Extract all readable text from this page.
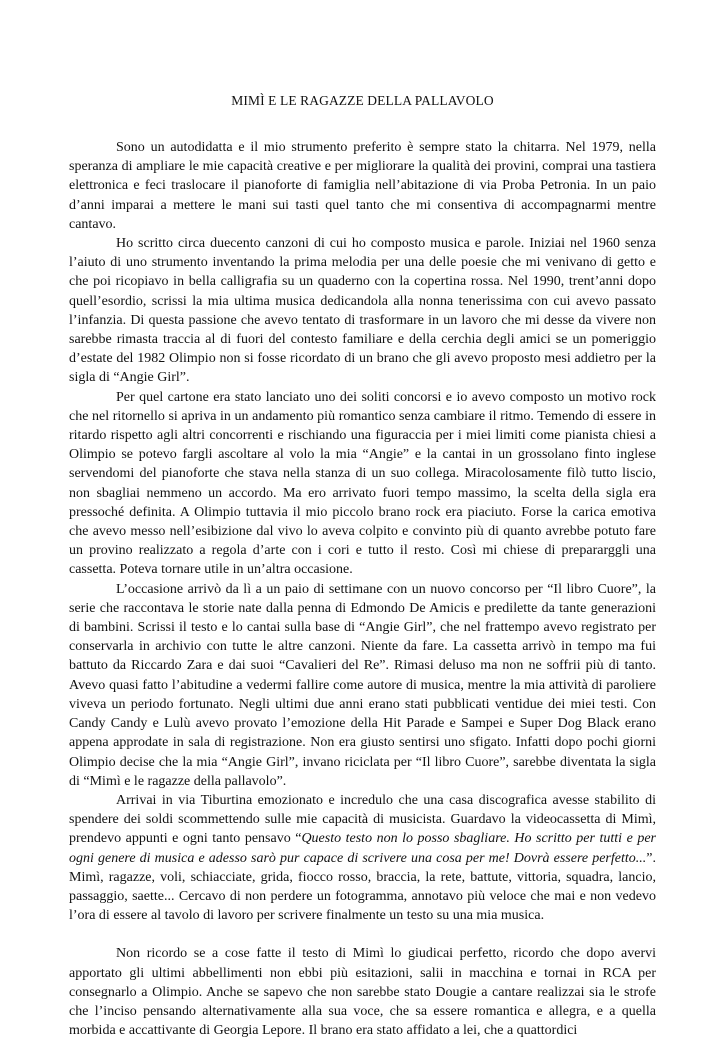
MIMÌ E LE RAGAZZE DELLA PALLAVOLO

Sono un autodidatta e il mio strumento preferito è sempre stato la chitarra. Nel 1979, nella speranza di ampliare le mie capacità creative e per migliorare la qualità dei provini, comprai una tastiera elettronica e feci traslocare il pianoforte di famiglia nell’abitazione di via Proba Petronia. In un paio d’anni imparai a mettere le mani sui tasti quel tanto che mi consentiva di accompagnarmi mentre cantavo.

Ho scritto circa duecento canzoni di cui ho composto musica e parole. Iniziai nel 1960 senza l’aiuto di uno strumento inventando la prima melodia per una delle poesie che mi venivano di getto e che poi ricopiavo in bella calligrafia su un quaderno con la copertina rossa. Nel 1990, trent’anni dopo quell’esordio, scrissi la mia ultima musica dedicandola alla nonna tenerissima con cui avevo passato l’infanzia. Di questa passione che avevo tentato di trasformare in un lavoro che mi desse da vivere non sarebbe rimasta traccia al di fuori del contesto familiare e della cerchia degli amici se un pomeriggio d’estate del 1982 Olimpio non si fosse ricordato di un brano che gli avevo proposto mesi addietro per la sigla di “Angie Girl”.

Per quel cartone era stato lanciato uno dei soliti concorsi e io avevo composto un motivo rock che nel ritornello si apriva in un andamento più romantico senza cambiare il ritmo. Temendo di essere in ritardo rispetto agli altri concorrenti e rischiando una figuraccia per i miei limiti come pianista chiesi a Olimpio se potevo fargli ascoltare al volo la mia “Angie” e la cantai in un grossolano finto inglese servendomi del pianoforte che stava nella stanza di un suo collega. Miracolosamente filò tutto liscio, non sbagliai nemmeno un accordo. Ma ero arrivato fuori tempo massimo, la scelta della sigla era pressoché definita. A Olimpio tuttavia il mio piccolo brano rock era piaciuto. Forse la carica emotiva che avevo messo nell’esibizione dal vivo lo aveva colpito e convinto più di quanto avrebbe potuto fare un provino realizzato a regola d’arte con i cori e tutto il resto. Così mi chiese di prepararggli una cassetta. Poteva tornare utile in un’altra occasione.

L’occasione arrivò da lì a un paio di settimane con un nuovo concorso per “Il libro Cuore”, la serie che raccontava le storie nate dalla penna di Edmondo De Amicis e predilette da tante generazioni di bambini. Scrissi il testo e lo cantai sulla base di “Angie Girl”, che nel frattempo avevo registrato per conservarla in archivio con tutte le altre canzoni. Niente da fare. La cassetta arrivò in tempo ma fui battuto da Riccardo Zara e dai suoi “Cavalieri del Re”. Rimasi deluso ma non ne soffrii più di tanto. Avevo quasi fatto l’abitudine a vedermi fallire come autore di musica, mentre la mia attività di paroliere viveva un periodo fortunato. Negli ultimi due anni erano stati pubblicati ventidue dei miei testi. Con Candy Candy e Lulù avevo provato l’emozione della Hit Parade e Sampei e Super Dog Black erano appena approdate in sala di registrazione. Non era giusto sentirsi uno sfigato. Infatti dopo pochi giorni Olimpio decise che la mia “Angie Girl”, invano riciclata per “Il libro Cuore”, sarebbe diventata la sigla di “Mimì e le ragazze della pallavolo”.

Arrivai in via Tiburtina emozionato e incredulo che una casa discografica avesse stabilito di spendere dei soldi scommettendo sulle mie capacità di musicista. Guardavo la videocassetta di Mimì, prendevo appunti e ogni tanto pensavo “Questo testo non lo posso sbagliare. Ho scritto per tutti e per ogni genere di musica e adesso sarò pur capace di scrivere una cosa per me! Dovrà essere perfetto...”. Mimì, ragazze, voli, schiacciate, grida, fiocco rosso, braccia, la rete, battute, vittoria, squadra, lancio, passaggio, saette... Cercavo di non perdere un fotogramma, annotavo più veloce che mai e non vedevo l’ora di essere al tavolo di lavoro per scrivere finalmente un testo su una mia musica.

Non ricordo se a cose fatte il testo di Mimì lo giudicai perfetto, ricordo che dopo avervi apportato gli ultimi abbellimenti non ebbi più esitazioni, salii in macchina e tornai in RCA per consegnarlo a Olimpio. Anche se sapevo che non sarebbe stato Dougie a cantare realizzai sia le strofe che l’inciso pensando alternativamente alla sua voce, che sa essere romantica e allegra, e a quella morbida e accattivante di Georgia Lepore. Il brano era stato affidato a lei, che a quattordici
